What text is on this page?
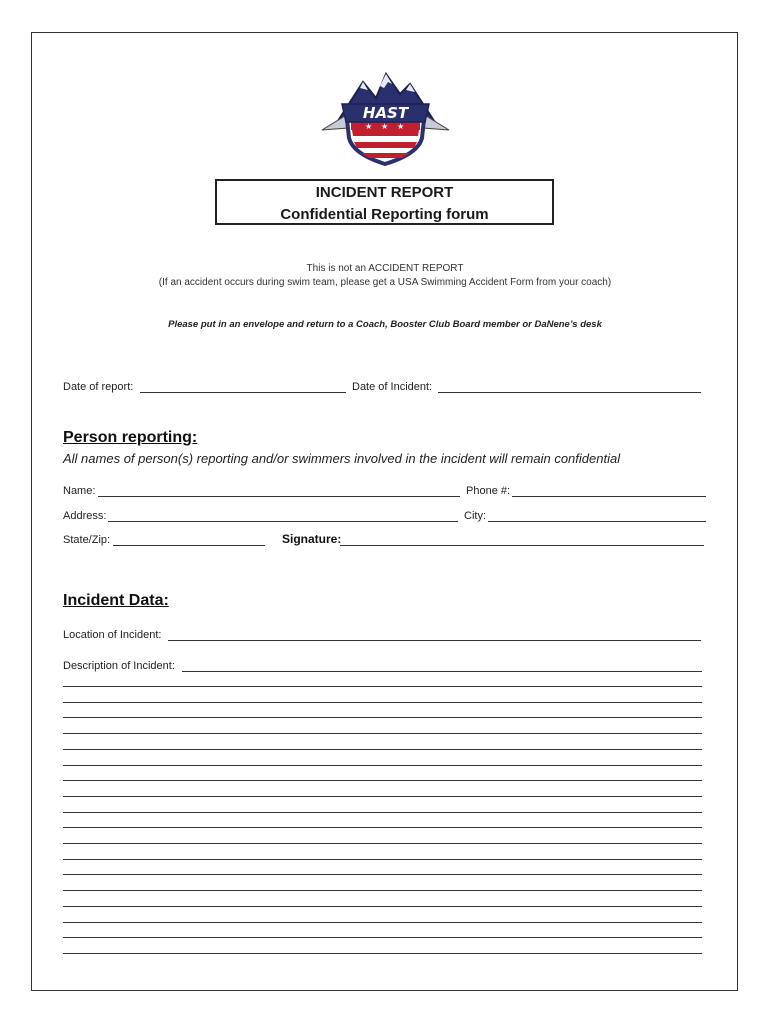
★ ★ ★
HAST
INCIDENT REPORT
Confidential Reporting forum
This is not an ACCIDENT REPORT
(If an accident occurs during swim team, please get a USA Swimming Accident Form from your coach)
Please put in an envelope and return to a Coach, Booster Club Board member or DaNene’s desk
Date of report:	Date of Incident:
Person reporting:
All names of person(s) reporting and/or swimmers involved in the incident will remain confidential
Name:	Phone #:
Address:	City:
State/Zip:	Signature:
Incident Data:
Location of Incident:
Description of Incident:
